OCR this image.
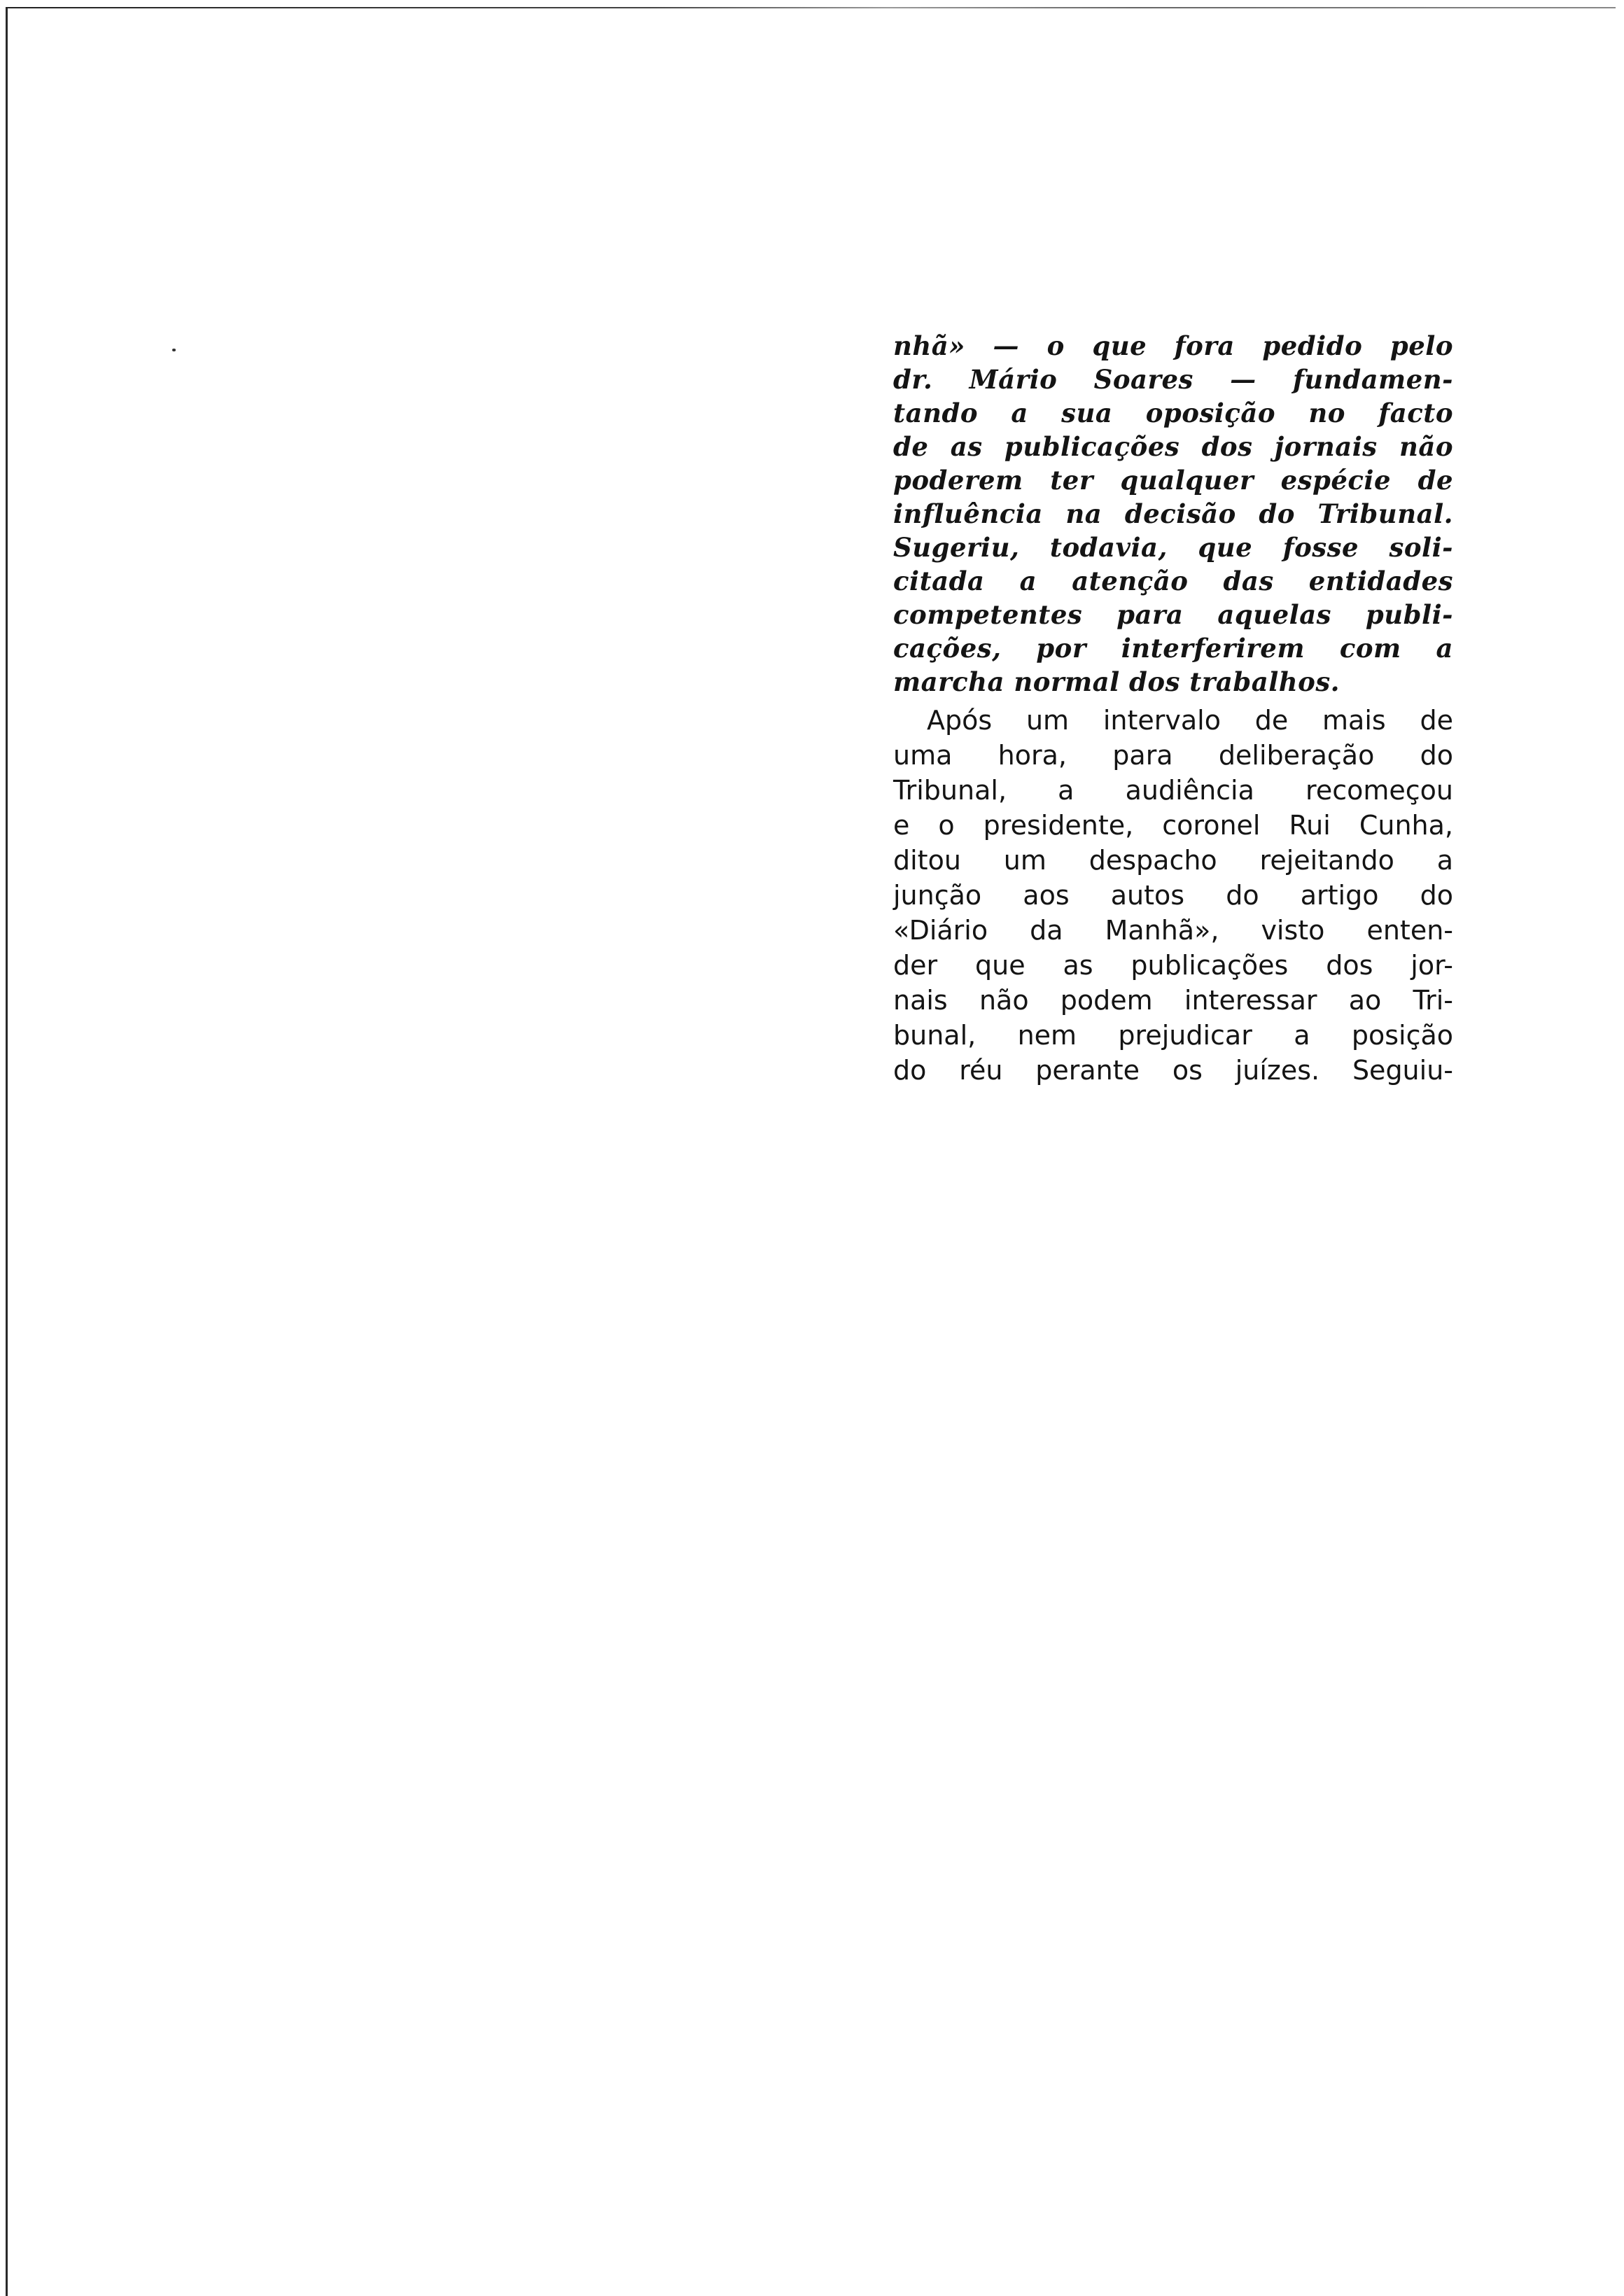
nhã» — o que fora pedido pelo
dr. Mário Soares — fundamen-
tando a sua oposição no facto
de as publicações dos jornais não
poderem ter qualquer espécie de
influência na decisão do Tribunal.
Sugeriu, todavia, que fosse soli-
citada a atenção das entidades
competentes para aquelas publi-
cações, por interferirem com a
marcha normal dos trabalhos.
Após um intervalo de mais de
uma hora, para deliberação do
Tribunal, a audiência recomeçou
e o presidente, coronel Rui Cunha,
ditou um despacho rejeitando a
junção aos autos do artigo do
«Diário da Manhã», visto enten-
der que as publicações dos jor-
nais não podem interessar ao Tri-
bunal, nem prejudicar a posição
do réu perante os juízes. Seguiu-
